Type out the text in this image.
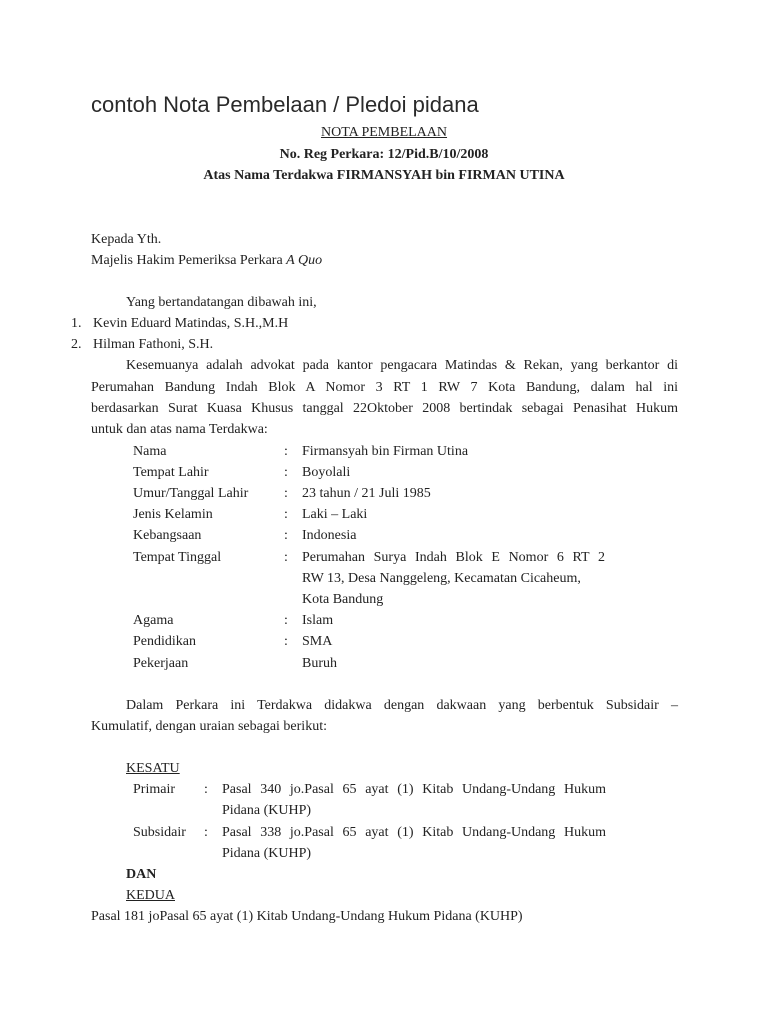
contoh Nota Pembelaan / Pledoi pidana
NOTA PEMBELAAN
No. Reg Perkara: 12/Pid.B/10/2008
Atas Nama Terdakwa FIRMANSYAH bin FIRMAN UTINA
Kepada Yth.
Majelis Hakim Pemeriksa Perkara A Quo
Yang bertandatangan dibawah ini,
1. Kevin Eduard Matindas, S.H.,M.H
2. Hilman Fathoni, S.H.
Kesemuanya adalah advokat pada kantor pengacara Matindas & Rekan, yang berkantor di
Perumahan Bandung Indah Blok A Nomor 3 RT 1 RW 7 Kota Bandung, dalam hal ini
berdasarkan Surat Kuasa Khusus tanggal 22Oktober 2008 bertindak sebagai Penasihat Hukum
untuk dan atas nama Terdakwa:
Nama	: Firmansyah bin Firman Utina
Tempat Lahir	: Boyolali
Umur/Tanggal Lahir	: 23 tahun / 21 Juli 1985
Jenis Kelamin	: Laki – Laki
Kebangsaan	: Indonesia
Tempat Tinggal	: Perumahan Surya Indah Blok E Nomor 6 RT 2
RW 13, Desa Nanggeleng, Kecamatan Cicaheum,
Kota Bandung
Agama	: Islam
Pendidikan	: SMA
Pekerjaan	Buruh
Dalam Perkara ini Terdakwa didakwa dengan dakwaan yang berbentuk Subsidair –
Kumulatif, dengan uraian sebagai berikut:
KESATU
Primair : Pasal 340 jo.Pasal 65 ayat (1) Kitab Undang-Undang Hukum
Pidana (KUHP)
Subsidair : Pasal 338 jo.Pasal 65 ayat (1) Kitab Undang-Undang Hukum
Pidana (KUHP)
DAN
KEDUA
Pasal 181 joPasal 65 ayat (1) Kitab Undang-Undang Hukum Pidana (KUHP)
